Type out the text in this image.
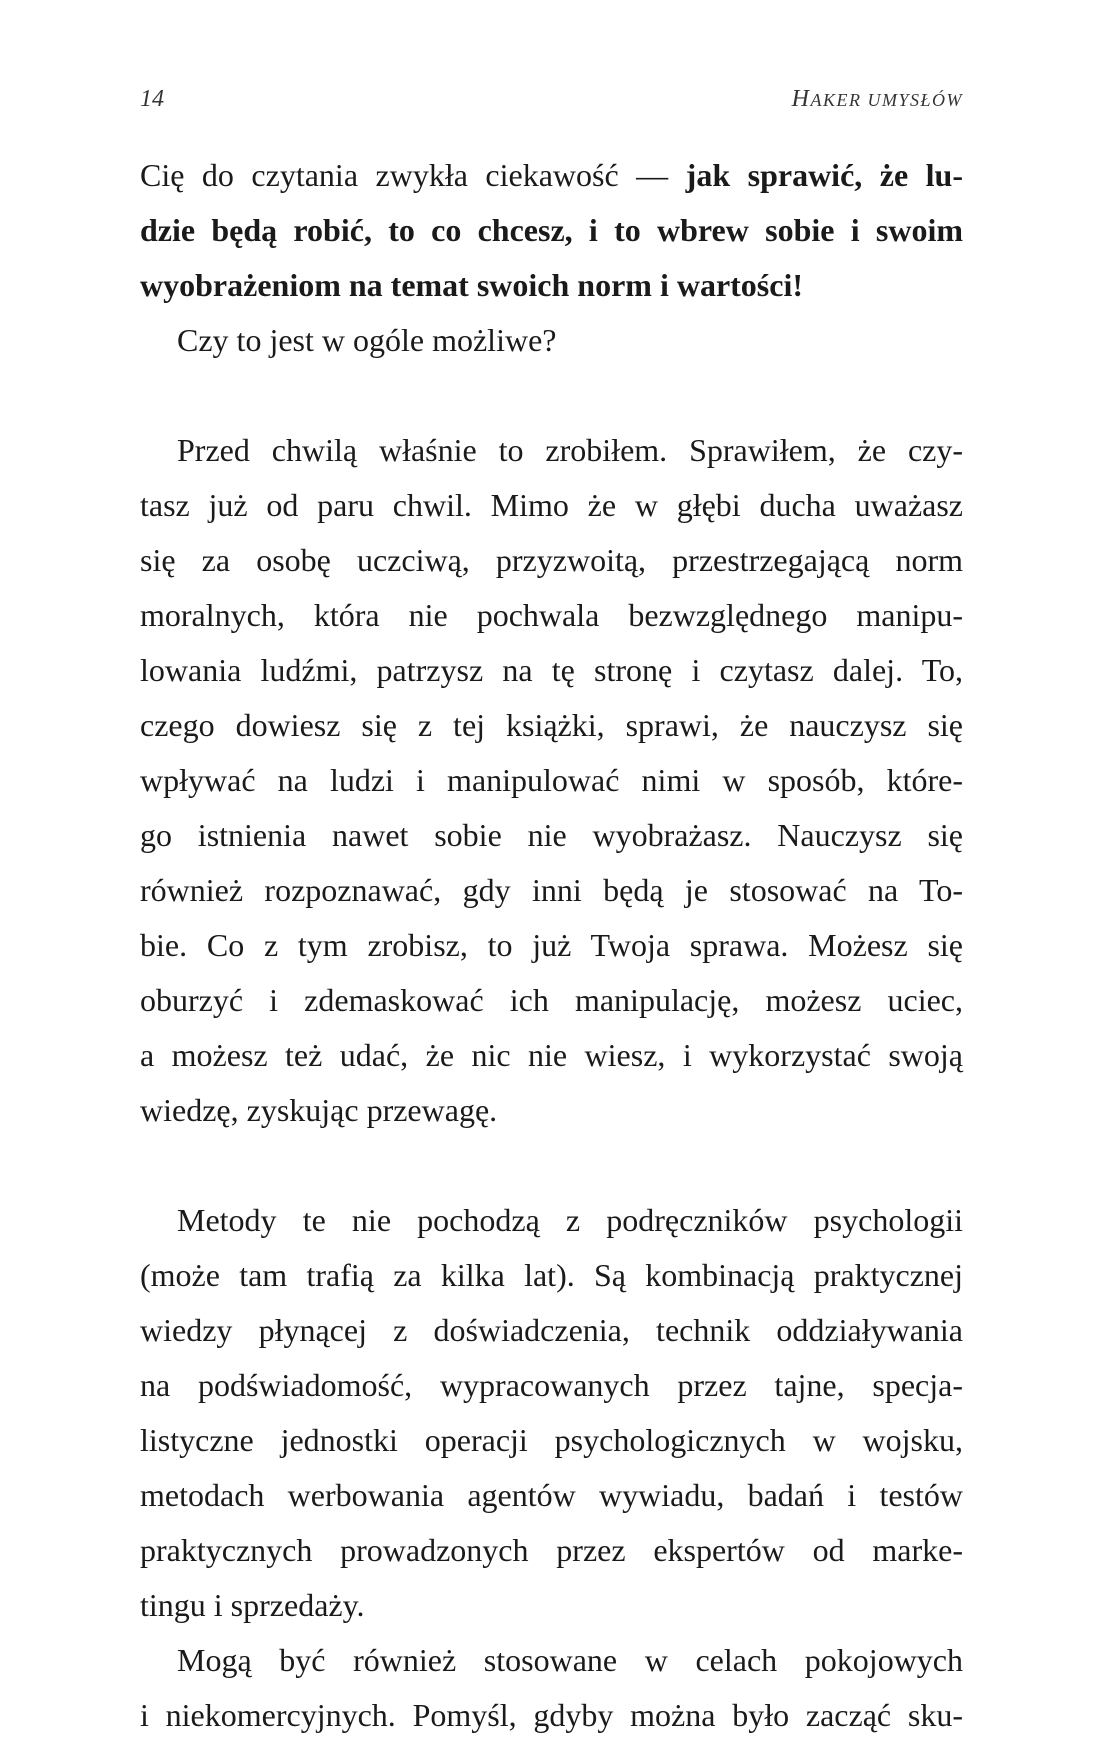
14	HAKER UMYSŁÓW
Cię do czytania zwykła ciekawość — jak sprawić, że lu-
dzie będą robić, to co chcesz, i to wbrew sobie i swoim
wyobrażeniom na temat swoich norm i wartości!
Czy to jest w ogóle możliwe?
Przed chwilą właśnie to zrobiłem. Sprawiłem, że czy-
tasz już od paru chwil. Mimo że w głębi ducha uważasz
się za osobę uczciwą, przyzwoitą, przestrzegającą norm
moralnych, która nie pochwala bezwzględnego manipu-
lowania ludźmi, patrzysz na tę stronę i czytasz dalej. To,
czego dowiesz się z tej książki, sprawi, że nauczysz się
wpływać na ludzi i manipulować nimi w sposób, które-
go istnienia nawet sobie nie wyobrażasz. Nauczysz się
również rozpoznawać, gdy inni będą je stosować na To-
bie. Co z tym zrobisz, to już Twoja sprawa. Możesz się
oburzyć i zdemaskować ich manipulację, możesz uciec,
a możesz też udać, że nic nie wiesz, i wykorzystać swoją
wiedzę, zyskując przewagę.
Metody te nie pochodzą z podręczników psychologii
(może tam trafią za kilka lat). Są kombinacją praktycznej
wiedzy płynącej z doświadczenia, technik oddziaływania
na podświadomość, wypracowanych przez tajne, specja-
listyczne jednostki operacji psychologicznych w wojsku,
metodach werbowania agentów wywiadu, badań i testów
praktycznych prowadzonych przez ekspertów od marke-
tingu i sprzedaży.
Mogą być również stosowane w celach pokojowych
i niekomercyjnych. Pomyśl, gdyby można było zacząć sku-
